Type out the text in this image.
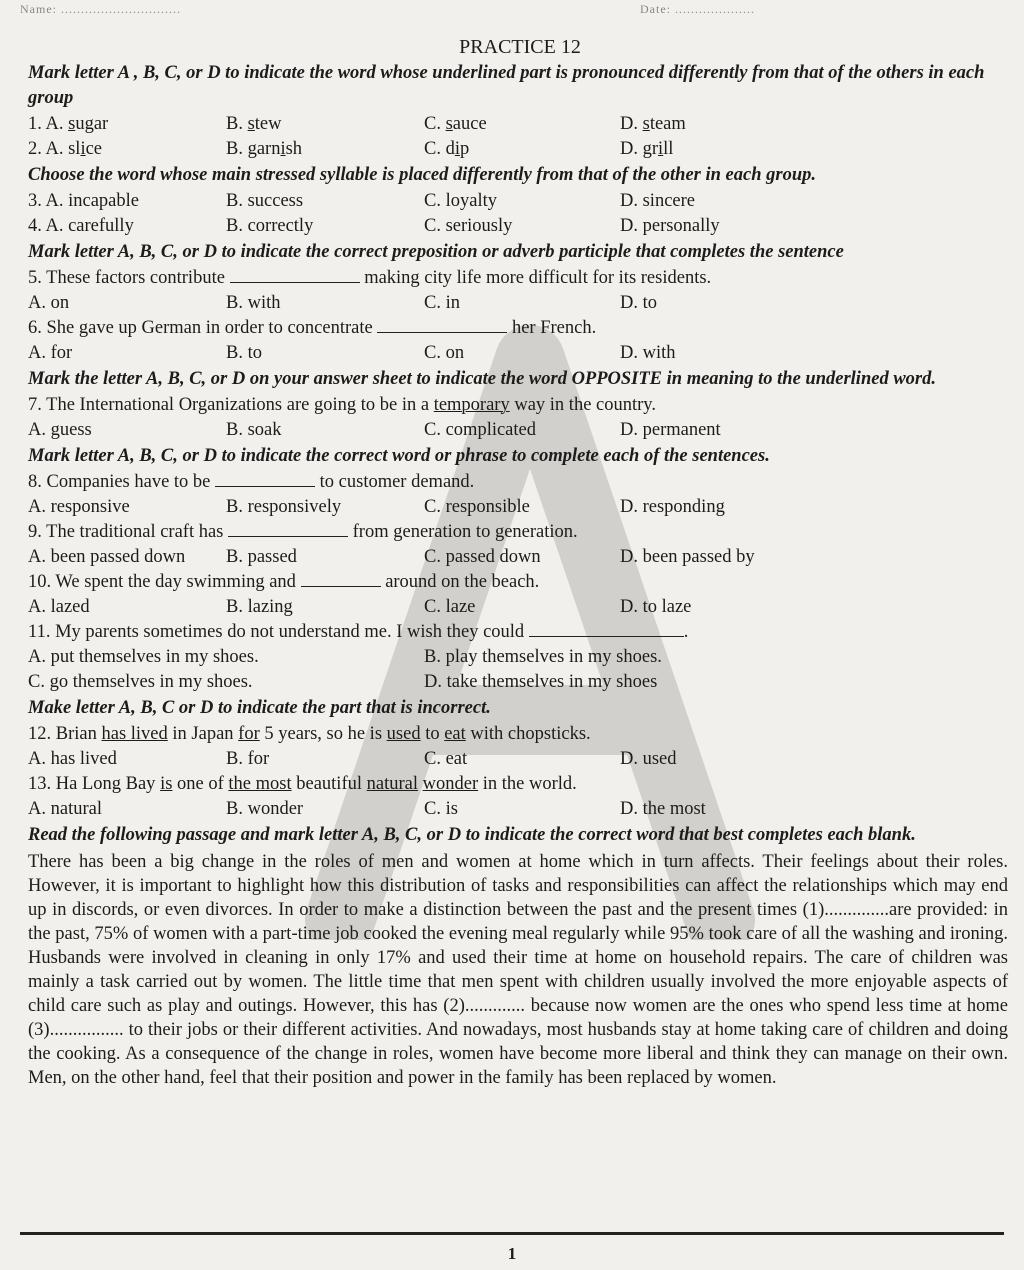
Name: ..............................	Date: ....................
PRACTICE 12
Mark letter A , B, C, or D to indicate the word whose underlined part is pronounced differently from that of the others in each group
1. A. sugar	B. stew	C. sauce	D. steam
2. A. slice	B. garnish	C. dip	D. grill
Choose the word whose main stressed syllable is placed differently from that of the other in each group.
3. A. incapable	B. success	C. loyalty	D. sincere
4. A. carefully	B. correctly	C. seriously	D. personally
Mark letter A, B, C, or D to indicate the correct preposition or adverb participle that completes the sentence
5. These factors contribute	making city life more difficult for its residents.
A. on	B. with	C. in	D. to
6. She gave up German in order to concentrate	her French.
A. for	B. to	C. on	D. with
Mark the letter A, B, C, or D on your answer sheet to indicate the word OPPOSITE in meaning to the underlined word.
7. The International Organizations are going to be in a temporary way in the country.
A. guess	B. soak	C. complicated	D. permanent
Mark letter A, B, C, or D to indicate the correct word or phrase to complete each of the sentences.
8. Companies have to be	to customer demand.
A. responsive	B. responsively	C. responsible	D. responding
9. The traditional craft has	from generation to generation.
A. been passed down	B. passed	C. passed down	D. been passed by
10. We spent the day swimming and	around on the beach.
A. lazed	B. lazing	C. laze	D. to laze
11. My parents sometimes do not understand me. I wish they could	.
A. put themselves in my shoes.	B. play themselves in my shoes.
C. go themselves in my shoes.	D. take themselves in my shoes
Make letter A, B, C or D to indicate the part that is incorrect.
12. Brian has lived in Japan for 5 years, so he is used to eat with chopsticks.
A. has lived	B. for	C. eat	D. used
13. Ha Long Bay is one of the most beautiful natural wonder in the world.
A. natural	B. wonder	C. is	D. the most
Read the following passage and mark letter A, B, C, or D to indicate the correct word that best completes each blank.
There has been a big change in the roles of men and women at home which in turn affects. Their feelings about their roles. However, it is important to highlight how this distribution of tasks and responsibilities can affect the relationships which may end up in discords, or even divorces. In order to make a distinction between the past and the present times (1)..............are provided: in the past, 75% of women with a part-time job cooked the evening meal regularly while 95% took care of all the washing and ironing. Husbands were involved in cleaning in only 17% and used their time at home on household repairs. The care of children was mainly a task carried out by women. The little time that men spent with children usually involved the more enjoyable aspects of child care such as play and outings. However, this has (2)............. because now women are the ones who spend less time at home (3)................ to their jobs or their different activities. And nowadays, most husbands stay at home taking care of children and doing the cooking. As a consequence of the change in roles, women have become more liberal and think they can manage on their own. Men, on the other hand, feel that their position and power in the family has been replaced by women.
1
